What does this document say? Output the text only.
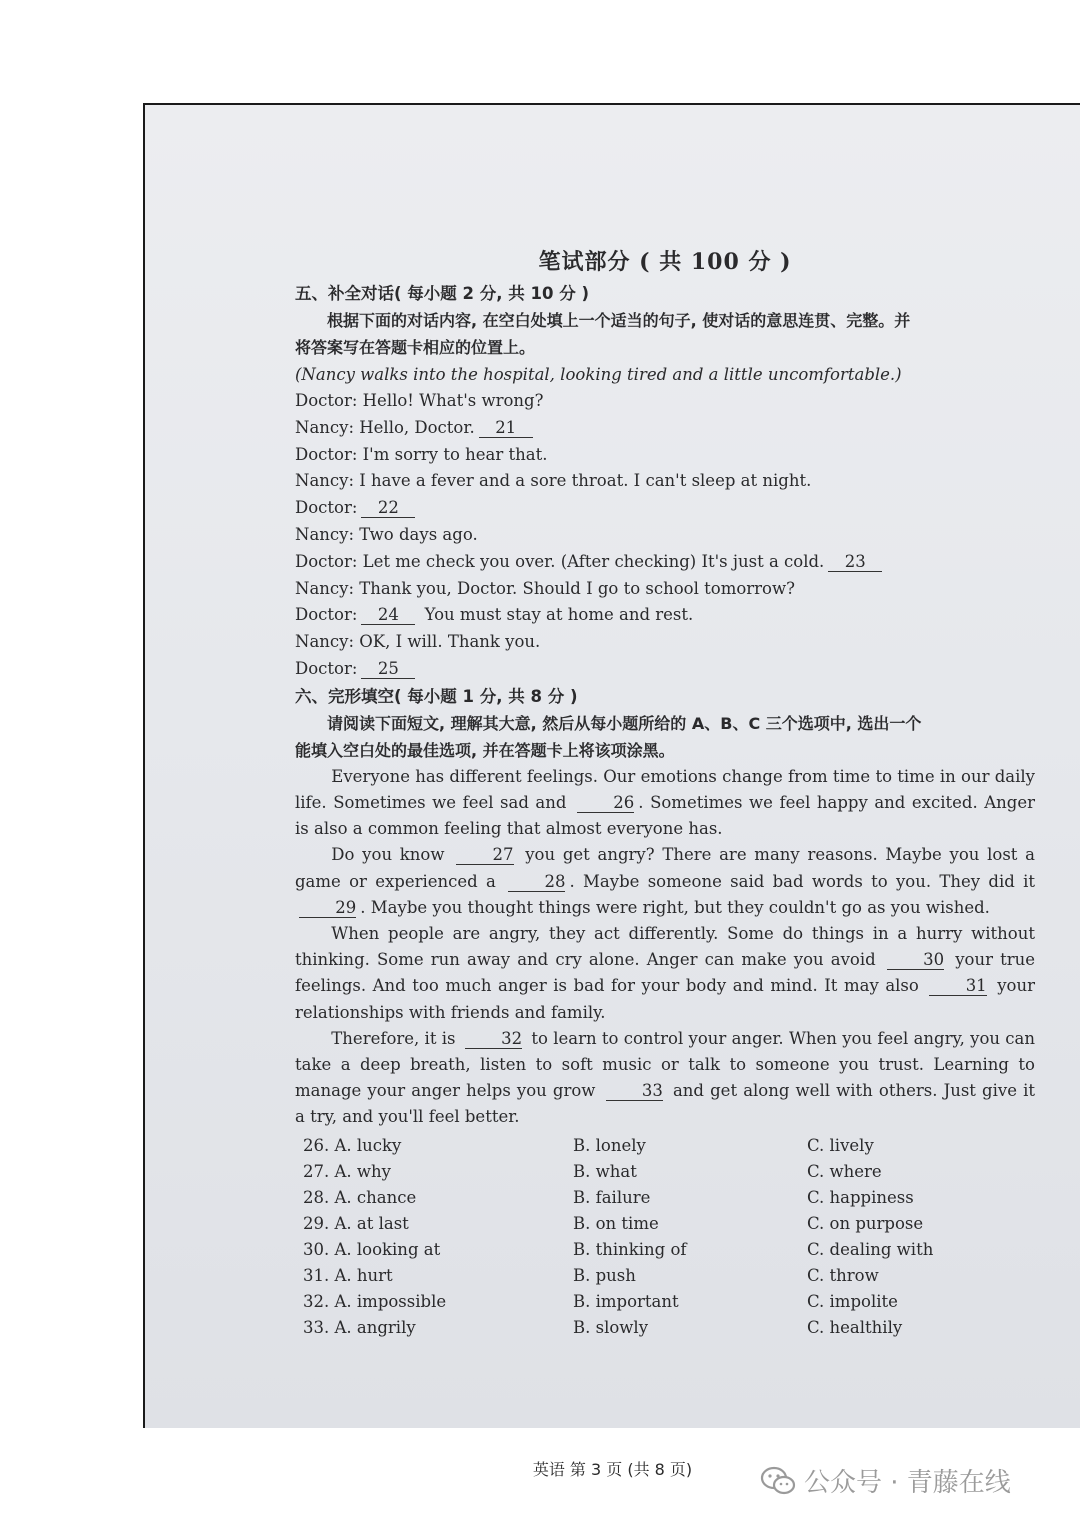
笔试部分 ( 共 100 分 )
五、补全对话( 每小题 2 分, 共 10 分 )
根据下面的对话内容, 在空白处填上一个适当的句子, 使对话的意思连贯、完整。并
将答案写在答题卡相应的位置上。
(Nancy walks into the hospital, looking tired and a little uncomfortable.)
Doctor: Hello! What's wrong?
Nancy: Hello, Doctor. 21
Doctor: I'm sorry to hear that.
Nancy: I have a fever and a sore throat. I can't sleep at night.
Doctor: 22
Nancy: Two days ago.
Doctor: Let me check you over. (After checking) It's just a cold. 23
Nancy: Thank you, Doctor. Should I go to school tomorrow?
Doctor: 24 You must stay at home and rest.
Nancy: OK, I will. Thank you.
Doctor: 25
六、完形填空( 每小题 1 分, 共 8 分 )
请阅读下面短文, 理解其大意, 然后从每小题所给的 A、B、C 三个选项中, 选出一个
能填入空白处的最佳选项, 并在答题卡上将该项涂黑。

Everyone has different feelings. Our emotions change from time to time in our daily life. Sometimes we feel sad and 26 . Sometimes we feel happy and excited. Anger is also a common feeling that almost everyone has.

Do you know 27 you get angry? There are many reasons. Maybe you lost a game or experienced a 28 . Maybe someone said bad words to you. They did it 29 . Maybe you thought things were right, but they couldn't go as you wished.

When people are angry, they act differently. Some do things in a hurry without thinking. Some run away and cry alone. Anger can make you avoid 30 your true feelings. And too much anger is bad for your body and mind. It may also 31 your relationships with friends and family.

Therefore, it is 32 to learn to control your anger. When you feel angry, you can take a deep breath, listen to soft music or talk to someone you trust. Learning to manage your anger helps you grow 33 and get along well with others. Just give it a try, and you'll feel better.

26. A. lucky	B. lonely	C. lively
27. A. why	B. what	C. where
28. A. chance	B. failure	C. happiness
29. A. at last	B. on time	C. on purpose
30. A. looking at	B. thinking of	C. dealing with
31. A. hurt	B. push	C. throw
32. A. impossible	B. important	C. impolite
33. A. angrily	B. slowly	C. healthily
英语 第 3 页 (共 8 页)	公众号 · 青藤在线
